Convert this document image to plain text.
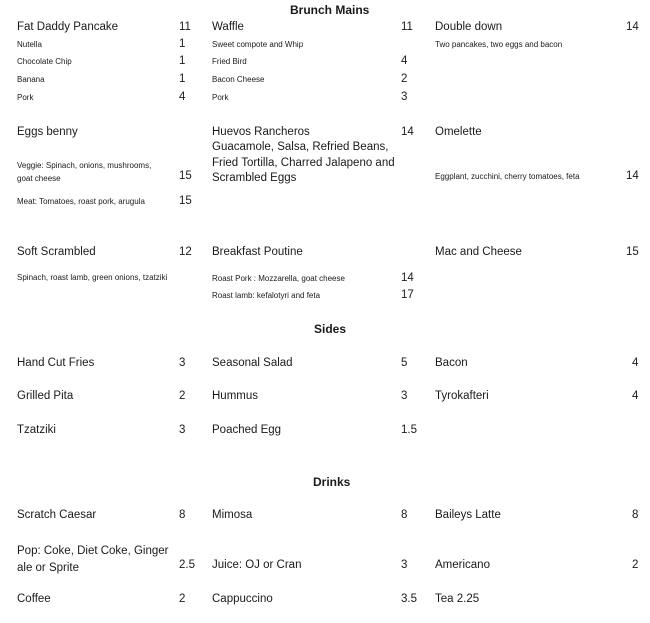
Brunch Mains
Fat Daddy Pancake	11
Nutella	1
Chocolate Chip	1
Banana	1
Pork	4
Waffle	11
Sweet compote and Whip
Fried Bird	4
Bacon Cheese	2
Pork	3
Double down	14
Two pancakes, two eggs and bacon
Eggs benny
Veggie: Spinach, onions, mushrooms, goat cheese	15
Meat: Tomatoes, roast pork, arugula	15
Huevos Rancheros	14
Guacamole, Salsa, Refried Beans, Fried Tortilla, Charred Jalapeno and Scrambled Eggs
Omelette
Eggplant, zucchini, cherry tomatoes, feta	14
Soft Scrambled	12
Spinach, roast lamb, green onions, tzatziki
Breakfast Poutine
Roast Pork : Mozzarella, goat cheese	14
Roast lamb: kefalotyri and feta	17
Mac and Cheese	15
Sides
Hand Cut Fries	3 Seasonal Salad	5 Bacon	4
Grilled Pita	2 Hummus	3 Tyrokafteri	4
Tzatziki	3 Poached Egg	1.5
Drinks
Scratch Caesar	8 Mimosa	8 Baileys Latte	8
Pop: Coke, Diet Coke, Ginger ale or Sprite	2.5 Juice: OJ or Cran	3 Americano	2
Coffee	2 Cappuccino	3.5 Tea 2.25
